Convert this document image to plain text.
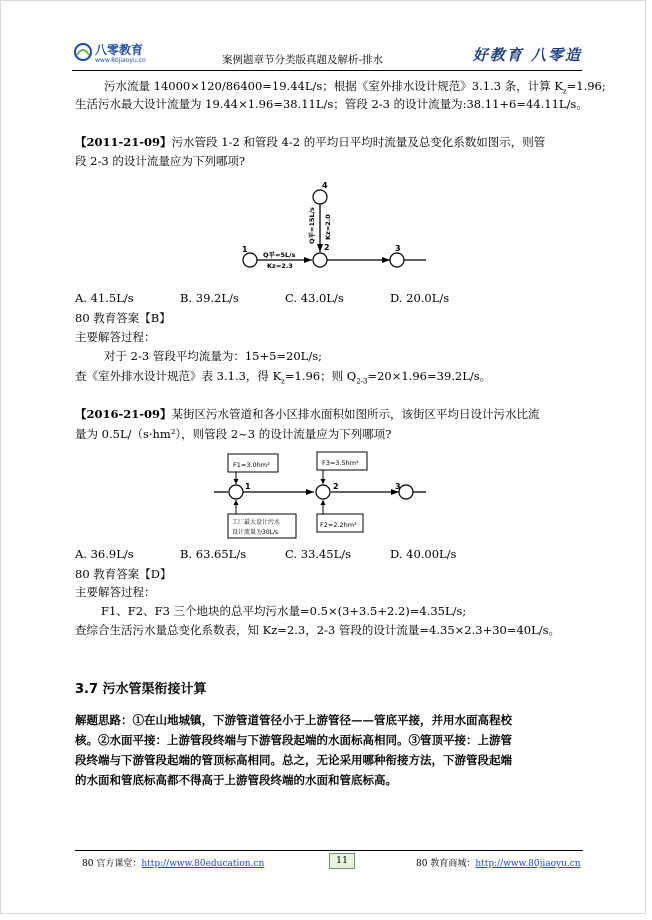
八零教育
www.80jiaoyu.cn	案例题章节分类版真题及解析-排水	好教育 八零造
污水流量 14000×120/86400=19.44L/s；根据《室外排水设计规范》3.1.3 条，计算 $K_z=1.96$;
生活污水最大设计流量为 19.44×1.96=38.11L/s；管段 2-3 的设计流量为:38.11+6=44.11L/s。
【2011-21-09】污水管段 1-2 和管段 4-2 的平均日平均时流量及总变化系数如图示，则管
段 2-3 的设计流量应为下列哪项?
1	2	3
4
Q平=5L/s
Kz=2.3
Q平=15L/s Kz=2.0
A. 41.5L/s	B. 39.2L/s	C. 43.0L/s	D. 20.0L/s
80 教育答案【B】
主要解答过程：
对于 2-3 管段平均流量为：15+5=20L/s;
查《室外排水设计规范》表 3.1.3，得 $K_z=1.96$；则 $Q_{2-3}=20\times 1.96=39.2L/s$。
【2016-21-09】某街区污水管道和各小区排水面积如图所示，该街区平均日设计污水比流
量为 0.5L/（s·hm²），则管段 2~3 的设计流量应为下列哪项?
F1=3.0hm²	F3=3.5hm²
F2=2.2hm²
工厂最大设计污水
设计流量为30L/s
1	2	3
A. 36.9L/s	B. 63.65L/s	C. 33.45L/s	D. 40.00L/s
80 教育答案【D】
主要解答过程：
F1、F2、F3 三个地块的总平均污水量=0.5×(3+3.5+2.2)=4.35L/s;
查综合生活污水量总变化系数表，知 Kz=2.3，2-3 管段的设计流量=4.35×2.3+30=40L/s。
3.7 污水管渠衔接计算
解题思路：①在山地城镇，下游管道管径小于上游管径——管底平接，并用水面高程校
核。②水面平接：上游管段终端与下游管段起端的水面标高相同。③管顶平接：上游管
段终端与下游管段起端的管顶标高相同。总之，无论采用哪种衔接方法，下游管段起端
的水面和管底标高都不得高于上游管段终端的水面和管底标高。
80 官方课堂：http://www.80education.cn	11	80 教育商城：http://www.80jiaoyu.cn
